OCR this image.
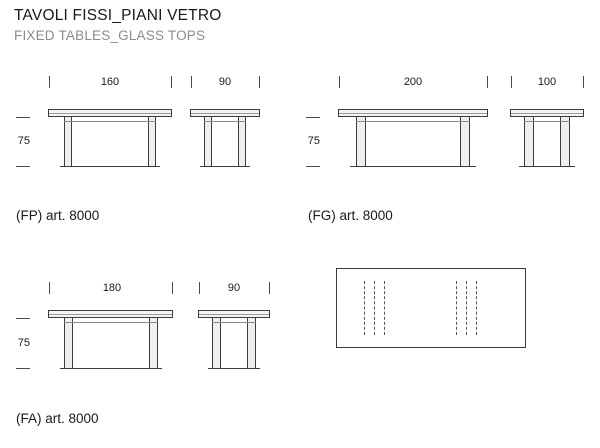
TAVOLI FISSI_PIANI VETRO
FIXED TABLES_GLASS TOPS
160	90
75
(FP) art. 8000
200	100
75
(FG) art. 8000
180	90
75
(FA) art. 8000
